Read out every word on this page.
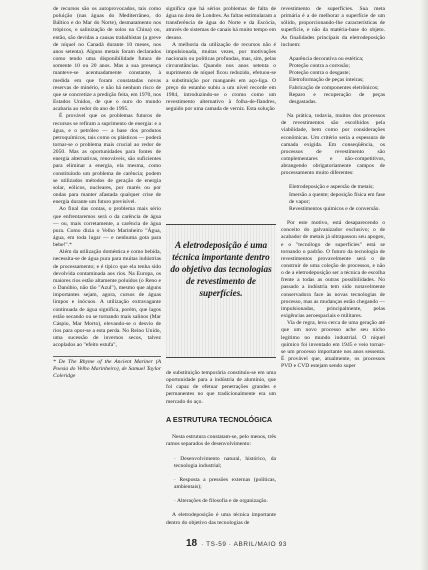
de recursos são os autoprovocados, tais como poluição (nas águas do Mediterrâneo, do Báltico e do Mar do Norte), desmatamento nos trópicos, o salinização de solos na China) ou, então, são devidas a causas trabalhistas (a greve de níquel no Canadá durante 10 meses, nos anos setenta). Alguns metais foram declarados como tendo uma disponibilidade futura de somente 10 ou 20 anos. Mas a sua presença manteve-se acentuadamente constante, à medida em que foram constatadas novas reservas de minério, e não há nenhum risco de que se concretize a predição feita, em 1970, nos Estados Unidos, de que o ouro do mundo acabaria ao redor do ano de 1995.

É provável que os problemas futuros de recursos se refiram a suprimento de energia: e a água, e o petróleo — a base dos produtos petroquímicos, tais como os plásticos — poderá tornar-se o problema mais crucial ao redor de 2050. Mas as oportunidades para fontes de energia alternativas, renováveis, são suficientes para eliminar a energia, ela mesma, como constituindo um problema de carência; podem se utilizados métodos de geração de energia solar, eólicos, nucleares, por marés ou por ondas para manter afastada qualquer crise de energia durante um futuro previsível.

Ao final das contas, o problema mais sério que enfrentaremos será o da carência de água — ou, mais corretamente, a carência de água pura. Como dizia o Velho Marinheiro "Água, água, em toda lugar — e nenhuma gota para bebe!".*

Além da utilização doméstica e como bebida, necessita-se de água pura para muitas indústrias de processamento; e é típico que ela tenha sido devolvida contaminada aos rios. Na Europa, os maiores rios estão altamente poluídos (o Reno e o Danúbio, não tão "Azul"), mesmo que alguns importantes sejam, agora, cursos de águas limpos e inócuos. A utilização extravagante continuada de água significa, porém, que lagos estão secando ou se tornando mais salinos (Mar Cáspio, Mar Morto), elevando-se o desvio de rios para opor-se a esta perda. No Reino Unido, uma sucessão de invernos secos, talvez acoplados ao "efeito estufa",

* De The Rhyme of the Ancient Mariner (A Poesia do Velho Marinheiro), de Samuel Taylor Coleridge

significa que há sérios problemas de falta de água no área de Londres. As faltas estimularam a transferência de água do Norte e da Escócia, através de sistemas de canais há muito tempo em desuso.

A melhoria da utilização de recursos não é impulsionada, muitas vezes, por motivações nacionais ou políticas profundas, mas, sim, pelas circunstâncias. Quando nos anos setenta o suprimento de níquel ficou reduzido, efetuou-se a substituição por manganês em aço-liga. O preço do estanho subiu a um nível recorde em 1984, introduzindo-se o cromo como um revestimento alternativo à folha-de-flandres, seguido por uma camada de verniz. Esta solução

A eletrodeposição é uma técnica importante dentro do objetivo das tecnologias de revestimento de superfícies.

de substituição temporária constituiu-se em uma oportunidade para a indústria de alumínio, que foi capaz de efetuar penetrações grandes e permanentes no que tradicionalmente era um mercado do aço.

A ESTRUTURA TECNOLÓGICA

Nesta estrutura constatam-se, pelo menos, três ramos separados de desenvolvimento:

· Desenvolvimento natural, histórico, da tecnologia industrial;

· Resposta a pressões externas (políticas, ambientais);

· Alterações de filosofia e de organização.

A eletrodeposição é uma técnica importante dentro do objetivo das tecnologias de

revestimento de superfícies. Sua meta primária é a de melhorar a superfície de um sólido, proporcionando-lhe características de superfície, e não da matéria-base do objeto. As finalidades principais da eletrodeposição incluem:

Aparência decorativa ou estética;

Proteção contra a corrosão;

Proteção contra o desgaste;

Eletroformação de peças inteiras;

Fabricação de componentes eletrônicos;

Reparo e recuperação de peças desgastadas.

Na prática, todavia, muitos dos processos de revestimentos são escolhidos pela viabilidade, bem como por considerações econômicas. Um critério seria a espessura de camada exigida. Em conseqüência, os processos de revestimento são complementares e não-competitivos, abrangendo obrigatoriamente campos de processamento muito diferentes:

Eletrodeposição e aspersão de metais;

Imersão a quente; deposição física em fase de vapor;

Revestimentos químicos e de conversão.

Por este motivo, está desaparecendo o conceito do galvanizador exclusivo; o de acabador de metais já ultrapassou seu apogeu, e o "tecnólogo de superfícies" está se tornando o padrão. O futuro da tecnologia de revestimentos provavelmente será o de construir de uma coleção de processos, e não o de a eletrodeposição ser a técnica de escolha frente a todas as outras possibilidades. No passado a indústria tem sido notavelmente conservadora face às novas tecnologias de processo, mas as mudanças estão chegando — impulsionadas, principalmente, pelas exigências aeroespaciais e militares.

Via de regra, leva cerca de uma geração até que um novo processo ache seu nicho legítimo no mundo industrial. O níquel químico foi inventado em 1945 e veio tornar-se um processo importante nos anos sessenta. É provável que, atualmente, os processos PVD e CVD estejam sendo super

18 · TS-59 · ABRIL/MAIO 93
